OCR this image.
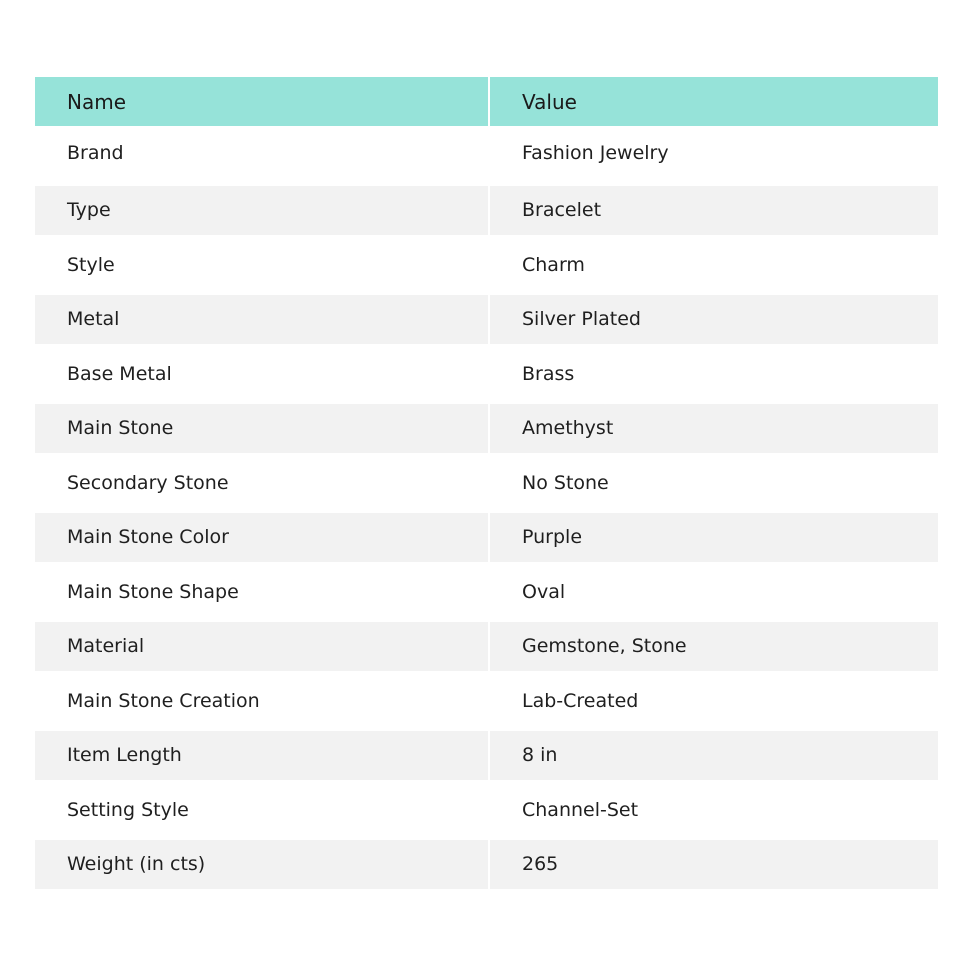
Name	Value
Brand	Fashion Jewelry
Type	Bracelet
Style	Charm
Metal	Silver Plated
Base Metal	Brass
Main Stone	Amethyst
Secondary Stone	No Stone
Main Stone Color	Purple
Main Stone Shape	Oval
Material	Gemstone, Stone
Main Stone Creation	Lab-Created
Item Length	8 in
Setting Style	Channel-Set
Weight (in cts)	265
